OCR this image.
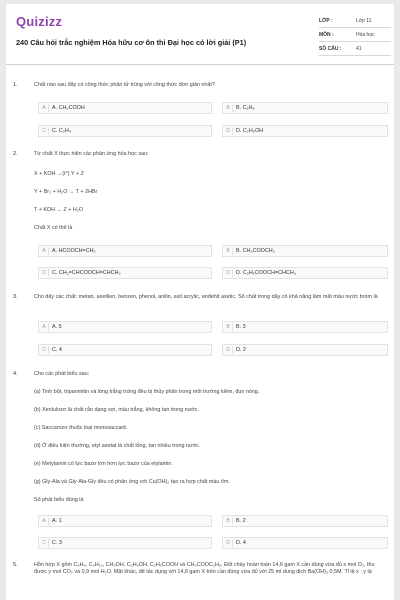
Quizizz
240 Câu hỏi trắc nghiệm Hóa hữu cơ ôn thi Đại học có lời giải (P1)
LỚP :	Lớp 11
MÔN :	Hóa học
SỐ CÂU :	41
1.	Chất nào sau đây có công thức phân tử trùng với công thức đơn giản nhất?
A	A. CH₃COOH	B	B. C₆H₆
C	C. C₂H₄	D	D. C₂H₅OH
2.	Từ chất X thực hiện các phản ứng hóa học sau:
X + KOH →(t°) Y + Z
Y + Br₂ + H₂O → T + 2HBr
T + KOH → Z + H₂O
Chất X có thể là
A	A. HCOOCH=CH₂	B	B. CH₃COOCH₃
C	C. CH₂=CHCOOCH=CHCH₃	D	D. C₂H₅COOCH=CHCH₃
3.	Cho dãy các chất: metan, axetilen, benzen, phenol, anilin, axit acrylic, anđehit axetic. Số chất trong dãy có khả năng làm mất màu nước brom là
A	A. 5	B	B. 3
C	C. 4	D	D. 2
4.	Cho các phát biểu sau:
(a) Tinh bột, tripanmitin và lòng trắng trứng đều bị thủy phân trong môi trường kiềm, đun nóng.
(b) Xenlulozơ là chất rắn dạng sợi, màu trắng, không tan trong nước.
(c) Saccarozơ thuộc loại monosaccarit.
(d) Ở điều kiện thường, etyl axetat là chất lỏng, tan nhiều trong nước.
(e) Metylamin có lực bazơ lớn hơn lực bazơ của etylamin.
(g) Gly-Ala và Gly-Ala-Gly đều có phản ứng với Cu(OH)₂ tạo ra hợp chất màu tím.
Số phát biểu đúng là
A	A. 1	B	B. 2
C	C. 3	D	D. 4
5.	Hỗn hợp X gồm C₄H₆, C₄H₁₀, CH₃OH, C₂H₅OH, C₂H₅COOH và CH₃COOC₂H₅. Đốt cháy hoàn toàn 14,6 gam X cần dùng vừa đủ x mol O₂, thu được y mol CO₂ và 0,9 mol H₂O. Mặt khác, để tác dụng với 14,6 gam X trên cần dùng vừa đủ với 25 ml dung dịch Ba(OH)₂ 0,5M. Tỉ lệ x : y là
